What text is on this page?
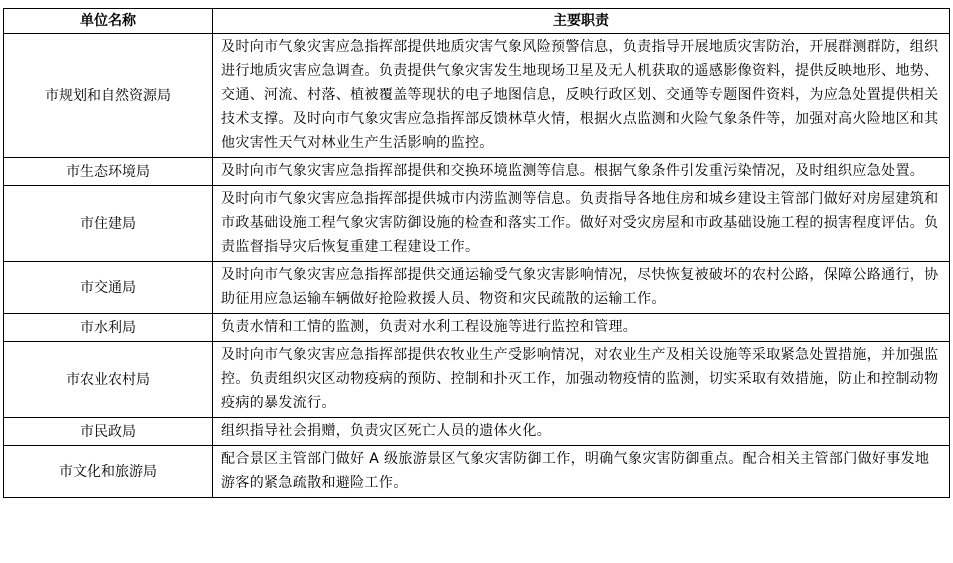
单位名称	主要职责
市规划和自然资源局	及时向市气象灾害应急指挥部提供地质灾害气象风险预警信息，负责指导开展地质灾害防治，开展群测群防，组织进行地质灾害应急调查。负责提供气象灾害发生地现场卫星及无人机获取的遥感影像资料，提供反映地形、地势、交通、河流、村落、植被覆盖等现状的电子地图信息，反映行政区划、交通等专题图件资料，为应急处置提供相关技术支撑。及时向市气象灾害应急指挥部反馈林草火情，根据火点监测和火险气象条件等，加强对高火险地区和其他灾害性天气对林业生产生活影响的监控。
市生态环境局	及时向市气象灾害应急指挥部提供和交换环境监测等信息。根据气象条件引发重污染情况，及时组织应急处置。
市住建局	及时向市气象灾害应急指挥部提供城市内涝监测等信息。负责指导各地住房和城乡建设主管部门做好对房屋建筑和市政基础设施工程气象灾害防御设施的检查和落实工作。做好对受灾房屋和市政基础设施工程的损害程度评估。负责监督指导灾后恢复重建工程建设工作。
市交通局	及时向市气象灾害应急指挥部提供交通运输受气象灾害影响情况，尽快恢复被破坏的农村公路，保障公路通行，协助征用应急运输车辆做好抢险救援人员、物资和灾民疏散的运输工作。
市水利局	负责水情和工情的监测，负责对水利工程设施等进行监控和管理。
市农业农村局	及时向市气象灾害应急指挥部提供农牧业生产受影响情况，对农业生产及相关设施等采取紧急处置措施，并加强监控。负责组织灾区动物疫病的预防、控制和扑灭工作，加强动物疫情的监测，切实采取有效措施，防止和控制动物疫病的暴发流行。
市民政局	组织指导社会捐赠，负责灾区死亡人员的遗体火化。
市文化和旅游局	配合景区主管部门做好 A 级旅游景区气象灾害防御工作，明确气象灾害防御重点。配合相关主管部门做好事发地游客的紧急疏散和避险工作。
